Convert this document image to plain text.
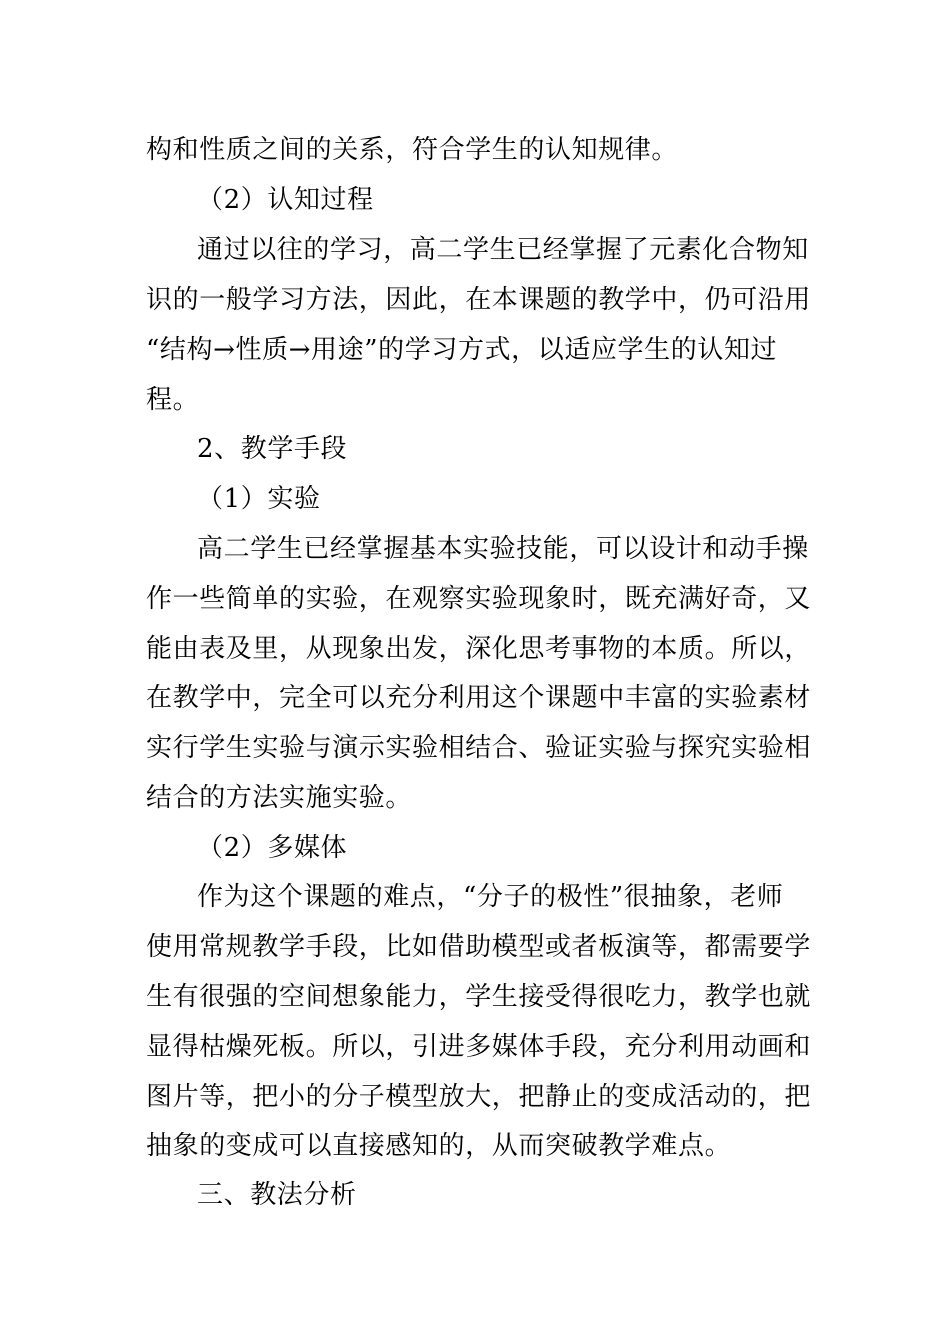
构和性质之间的关系，符合学生的认知规律。
（2）认知过程
通过以往的学习，高二学生已经掌握了元素化合物知
识的一般学习方法，因此，在本课题的教学中，仍可沿用
“结构→性质→用途”的学习方式，以适应学生的认知过
程。
2、教学手段
（1）实验
高二学生已经掌握基本实验技能，可以设计和动手操
作一些简单的实验，在观察实验现象时，既充满好奇，又
能由表及里，从现象出发，深化思考事物的本质。所以，
在教学中，完全可以充分利用这个课题中丰富的实验素材
实行学生实验与演示实验相结合、验证实验与探究实验相
结合的方法实施实验。
（2）多媒体
作为这个课题的难点，“分子的极性”很抽象，老师
使用常规教学手段，比如借助模型或者板演等，都需要学
生有很强的空间想象能力，学生接受得很吃力，教学也就
显得枯燥死板。所以，引进多媒体手段，充分利用动画和
图片等，把小的分子模型放大，把静止的变成活动的，把
抽象的变成可以直接感知的，从而突破教学难点。
三、教法分析
